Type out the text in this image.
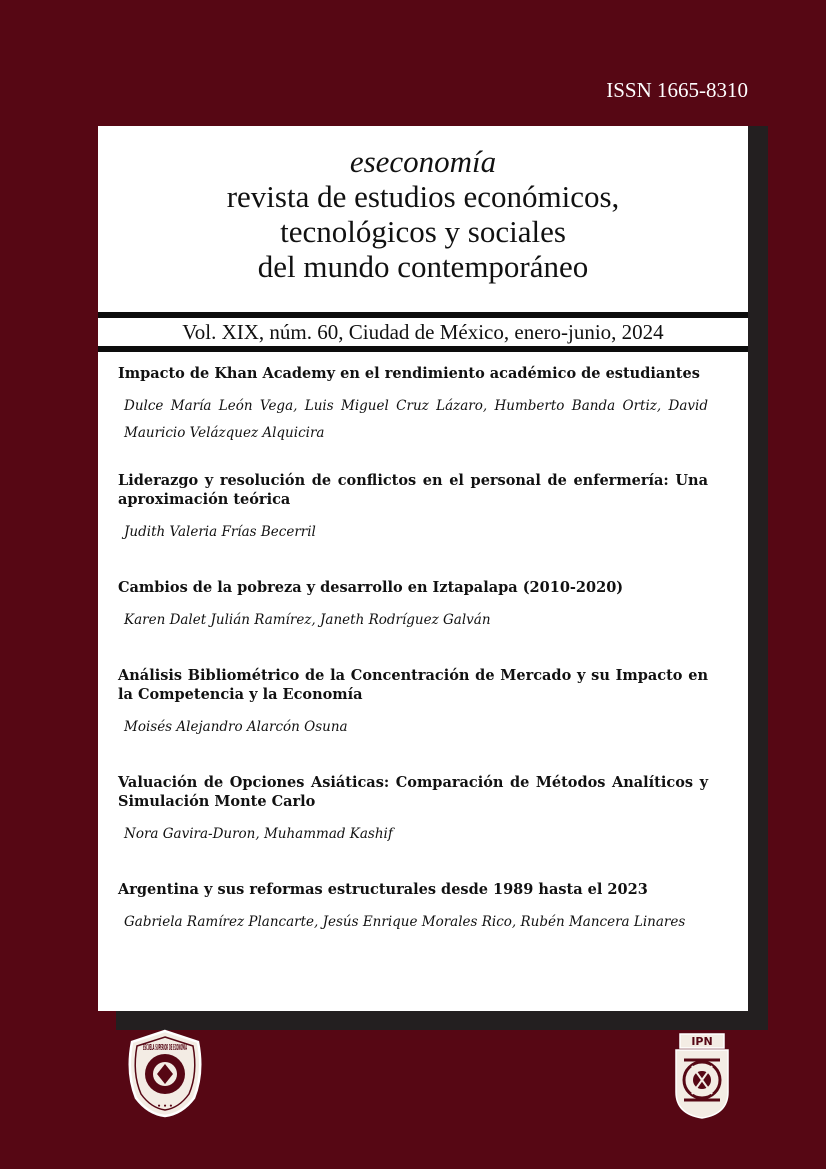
ISSN 1665-8310
eseconomía
revista de estudios económicos,
tecnológicos y sociales
del mundo contemporáneo
Vol. XIX, núm. 60, Ciudad de México, enero-junio, 2024
Impacto de Khan Academy en el rendimiento académico de estudiantes
Dulce María León Vega, Luis Miguel Cruz Lázaro, Humberto Banda Ortiz, David Mauricio Velázquez Alquicira
Liderazgo y resolución de conflictos en el personal de enfermería: Una aproximación teórica
Judith Valeria Frías Becerril
Cambios de la pobreza y desarrollo en Iztapalapa (2010-2020)
Karen Dalet Julián Ramírez, Janeth Rodríguez Galván
Análisis Bibliométrico de la Concentración de Mercado y su Impacto en la Competencia y la Economía
Moisés Alejandro Alarcón Osuna
Valuación de Opciones Asiáticas: Comparación de Métodos Analíticos y Simulación Monte Carlo
Nora Gavira-Duron, Muhammad Kashif
Argentina y sus reformas estructurales desde 1989 hasta el 2023
Gabriela Ramírez Plancarte, Jesús Enrique Morales Rico, Rubén Mancera Linares
ESCUELA SUPERIOR DE ECONOMÍA
• • •
IPN
